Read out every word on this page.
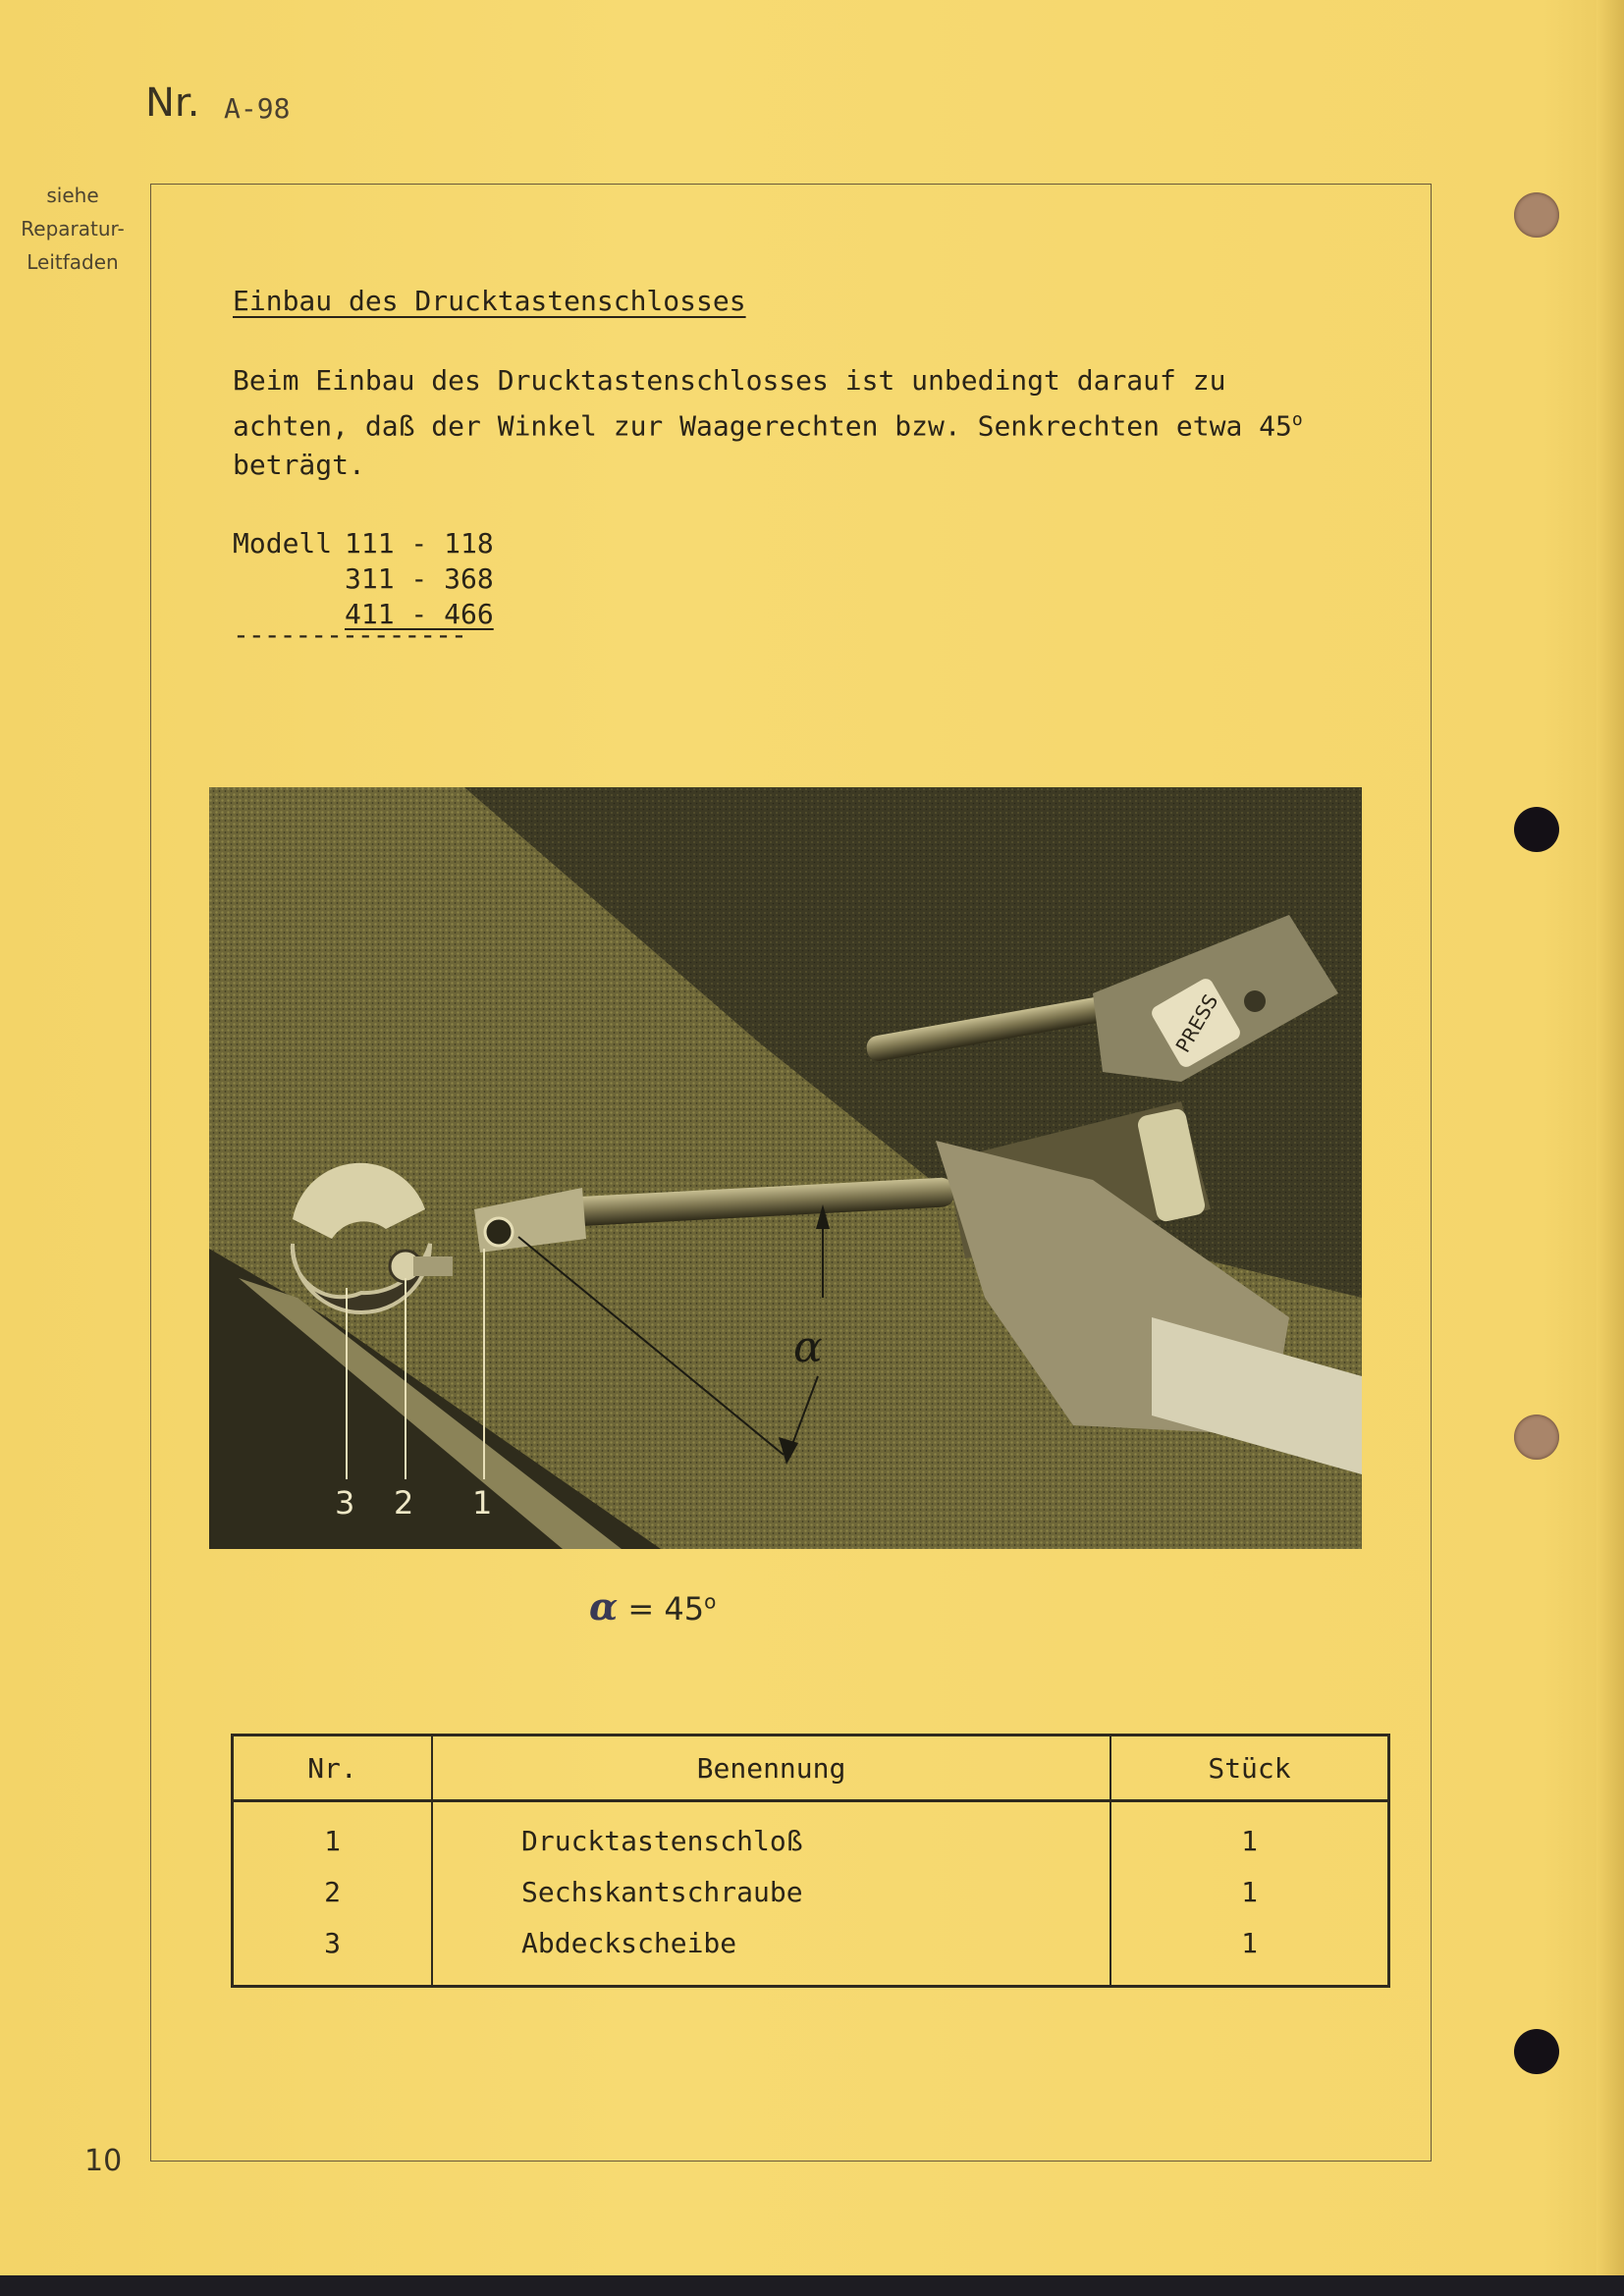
Nr. A-98
siehe
Reparatur-
Leitfaden
Einbau des Drucktastenschlosses
Beim Einbau des Drucktastenschlosses ist unbedingt darauf zu achten, daß der Winkel zur Waagerechten bzw. Senkrechten etwa 45$^o$ beträgt.
Modell 111 - 118
311 - 368
411 - 466
---------------
PRESS
α
3 2 1
$\alpha = 45^o$
Nr.	Benennung	Stück
1	Drucktastenschloß	1
2	Sechskantschraube	1
3	Abdeckscheibe	1
10
